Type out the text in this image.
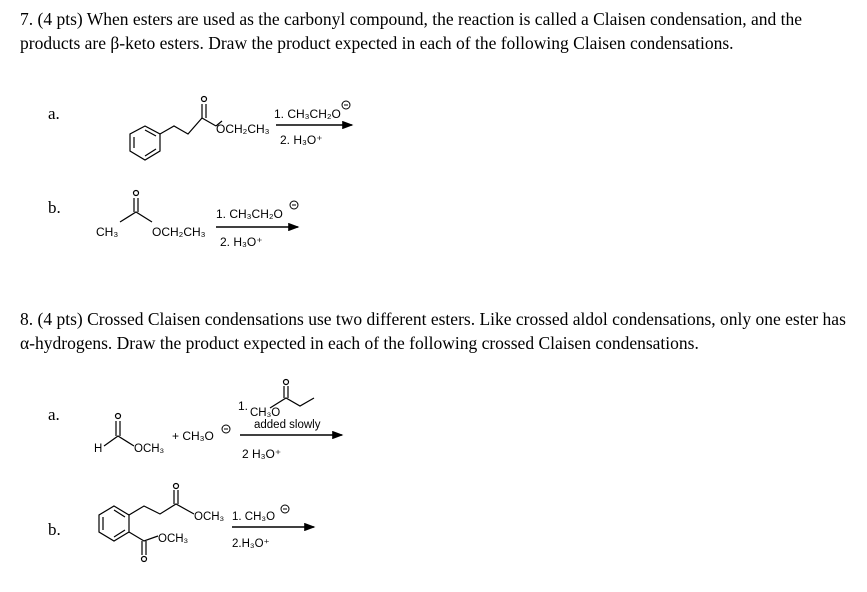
7. (4 pts) When esters are used as the carbonyl compound, the reaction is called a Claisen condensation, and the products are β-keto esters. Draw the product expected in each of the following Claisen condensations.
a.
b.
8. (4 pts) Crossed Claisen condensations use two different esters. Like crossed aldol condensations, only one ester has α-hydrogens. Draw the product expected in each of the following crossed Claisen condensations.
a.
b.
OCH₂CH₃
1. CH₃CH₂O
2. H₃O⁺
CH₃	OCH₂CH₃
1. CH₃CH₂O
2. H₃O⁺
H	OCH₃
+ CH₃O
1. CH₃O
added slowly
2 H₃O⁺
OCH₃
OCH₃
1. CH₃O
2.H₃O⁺
